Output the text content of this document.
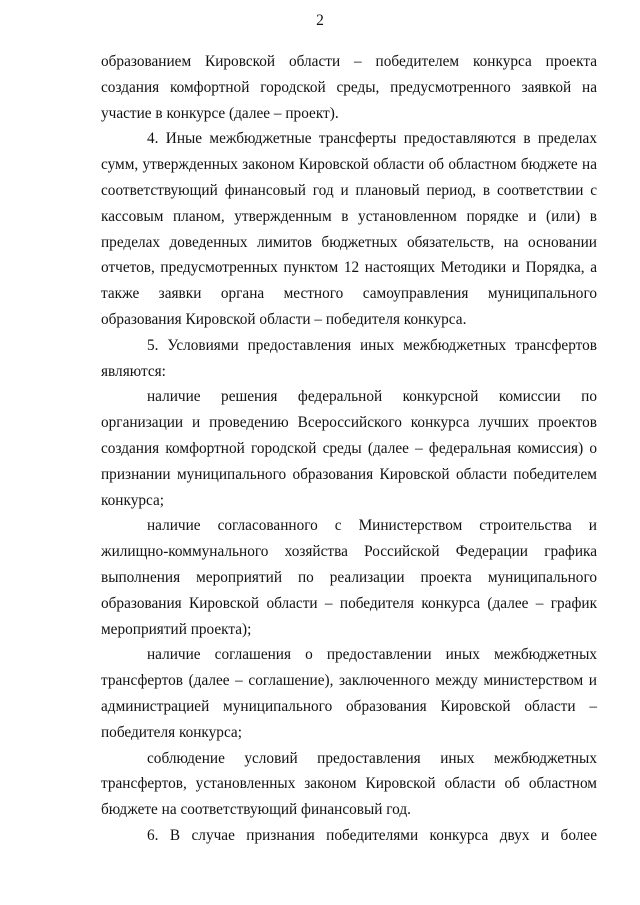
2

образованием Кировской области – победителем конкурса проекта создания комфортной городской среды, предусмотренного заявкой на участие в конкурсе (далее – проект).

4. Иные межбюджетные трансферты предоставляются в пределах сумм, утвержденных законом Кировской области об областном бюджете на соответствующий финансовый год и плановый период, в соответствии с кассовым планом, утвержденным в установленном порядке и (или) в пределах доведенных лимитов бюджетных обязательств, на основании отчетов, предусмотренных пунктом 12 настоящих Методики и Порядка, а также заявки органа местного самоуправления муниципального образования Кировской области – победителя конкурса.

5. Условиями предоставления иных межбюджетных трансфертов являются:

наличие решения федеральной конкурсной комиссии по организации и проведению Всероссийского конкурса лучших проектов создания комфортной городской среды (далее – федеральная комиссия) о признании муниципального образования Кировской области победителем конкурса;

наличие согласованного с Министерством строительства и жилищно-коммунального хозяйства Российской Федерации графика выполнения мероприятий по реализации проекта муниципального образования Кировской области – победителя конкурса (далее – график мероприятий проекта);

наличие соглашения о предоставлении иных межбюджетных трансфертов (далее – соглашение), заключенного между министерством и администрацией муниципального образования Кировской области – победителя конкурса;

соблюдение условий предоставления иных межбюджетных трансфертов, установленных законом Кировской области об областном бюджете на соответствующий финансовый год.

6. В случае признания победителями конкурса двух и более
